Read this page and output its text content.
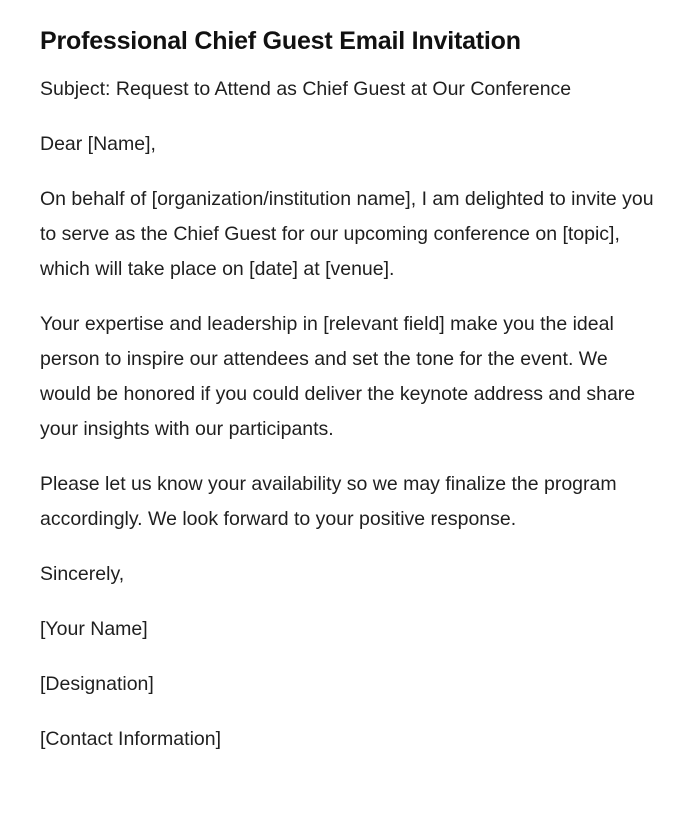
Professional Chief Guest Email Invitation

Subject: Request to Attend as Chief Guest at Our Conference

Dear [Name],

On behalf of [organization/institution name], I am delighted to invite you to serve as the Chief Guest for our upcoming conference on [topic], which will take place on [date] at [venue].

Your expertise and leadership in [relevant field] make you the ideal person to inspire our attendees and set the tone for the event. We would be honored if you could deliver the keynote address and share your insights with our participants.

Please let us know your availability so we may finalize the program accordingly. We look forward to your positive response.

Sincerely,

[Your Name]

[Designation]

[Contact Information]
